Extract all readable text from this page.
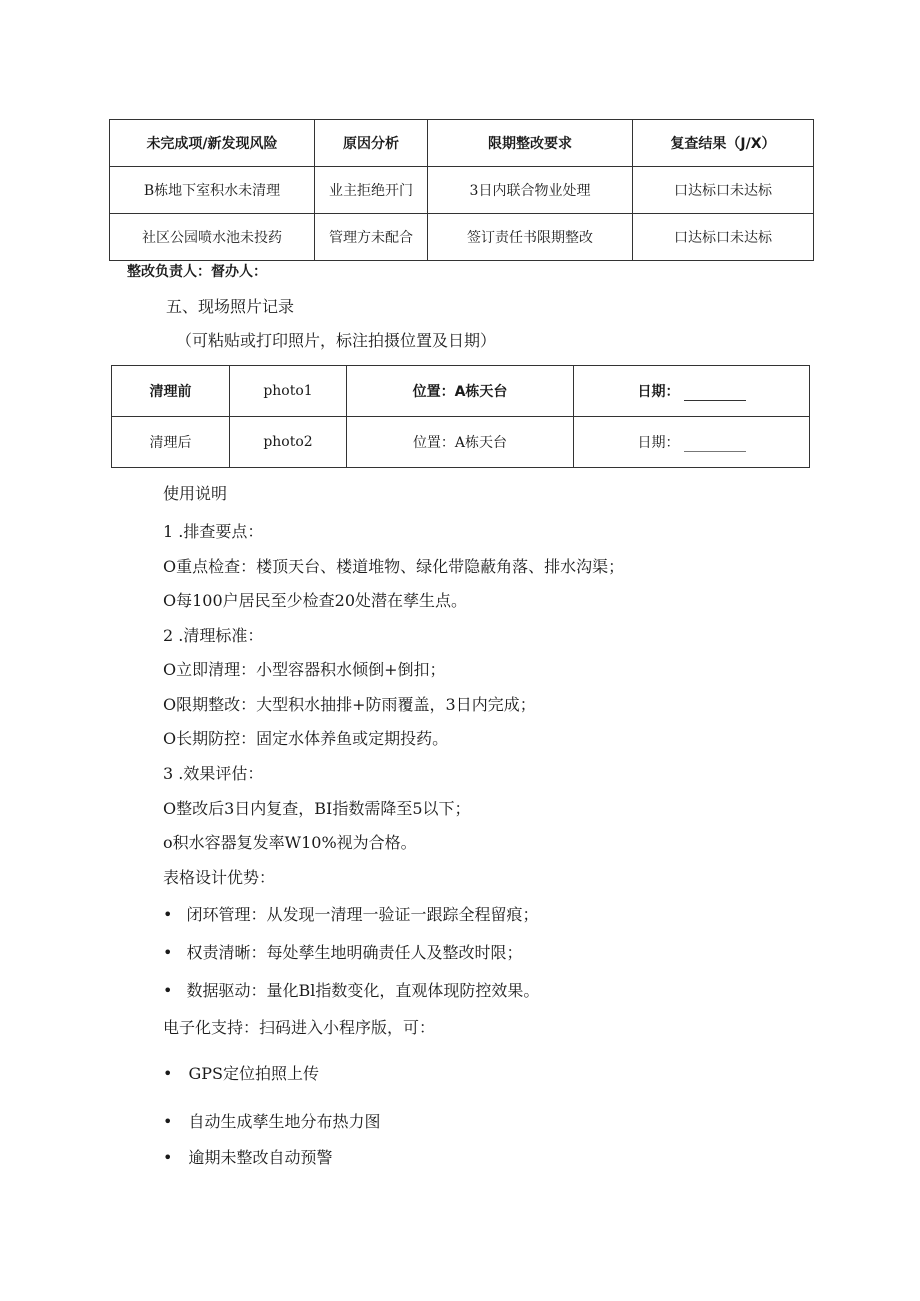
未完成项/新发现风险	原因分析	限期整改要求	复查结果（J/X）
B栋地下室积水未清理	业主拒绝开门	3日内联合物业处理	口达标口未达标
社区公园喷水池未投药	管理方未配合	签订责任书限期整改	口达标口未达标
整改负责人：督办人：
五、现场照片记录
（可粘贴或打印照片，标注拍摄位置及日期）
清理前	photo1	位置：A栋天台	日期：
清理后	photo2	位置：A栋天台	日期：
使用说明
1 .排查要点：
O重点检查：楼顶天台、楼道堆物、绿化带隐蔽角落、排水沟渠；
O每100户居民至少检查20处潜在孳生点。
2 .清理标准：
O立即清理：小型容器积水倾倒+倒扣；
O限期整改：大型积水抽排+防雨覆盖，3日内完成；
O长期防控：固定水体养鱼或定期投药。
3 .效果评估：
O整改后3日内复查，BI指数需降至5以下；
o积水容器复发率W10%视为合格。
表格设计优势：
• 闭环管理：从发现一清理一验证一跟踪全程留痕；
• 权责清晰：每处孳生地明确责任人及整改时限；
• 数据驱动：量化Bl指数变化，直观体现防控效果。
电子化支持：扫码进入小程序版，可：
• GPS定位拍照上传
• 自动生成孳生地分布热力图
• 逾期未整改自动预警
